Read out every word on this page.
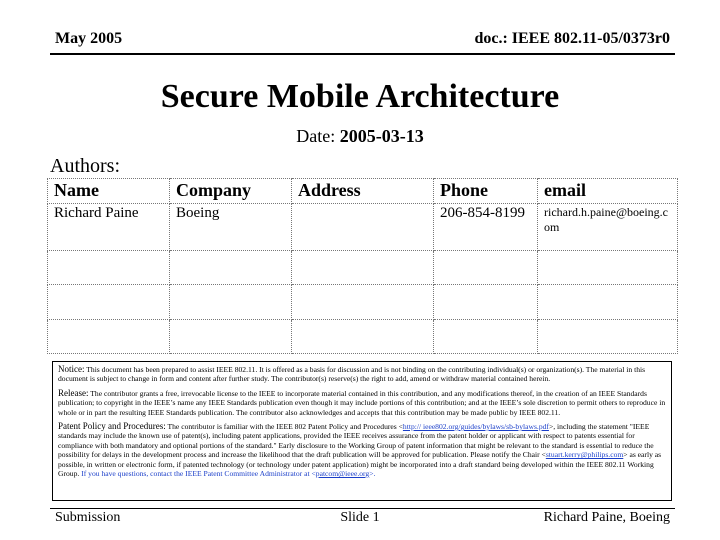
May 2005	doc.: IEEE 802.11-05/0373r0
Secure Mobile Architecture
Date: 2005-03-13
Authors:
Name	Company	Address	Phone	email
Richard Paine	Boeing		206-854-8199	richard.h.paine@boeing.com

Notice: This document has been prepared to assist IEEE 802.11. It is offered as a basis for discussion and is not binding on the contributing individual(s) or organization(s). The material in this document is subject to change in form and content after further study. The contributor(s) reserve(s) the right to add, amend or withdraw material contained herein.

Release: The contributor grants a free, irrevocable license to the IEEE to incorporate material contained in this contribution, and any modifications thereof, in the creation of an IEEE Standards publication; to copyright in the IEEE’s name any IEEE Standards publication even though it may include portions of this contribution; and at the IEEE’s sole discretion to permit others to reproduce in whole or in part the resulting IEEE Standards publication. The contributor also acknowledges and accepts that this contribution may be made public by IEEE 802.11.

Patent Policy and Procedures: The contributor is familiar with the IEEE 802 Patent Policy and Procedures <http:// ieee802.org/guides/bylaws/sb-bylaws.pdf>, including the statement "IEEE standards may include the known use of patent(s), including patent applications, provided the IEEE receives assurance from the patent holder or applicant with respect to patents essential for compliance with both mandatory and optional portions of the standard." Early disclosure to the Working Group of patent information that might be relevant to the standard is essential to reduce the possibility for delays in the development process and increase the likelihood that the draft publication will be approved for publication. Please notify the Chair <stuart.kerry@philips.com> as early as possible, in written or electronic form, if patented technology (or technology under patent application) might be incorporated into a draft standard being developed within the IEEE 802.11 Working Group. If you have questions, contact the IEEE Patent Committee Administrator at <patcom@ieee.org>.

Submission	Slide 1	Richard Paine, Boeing
